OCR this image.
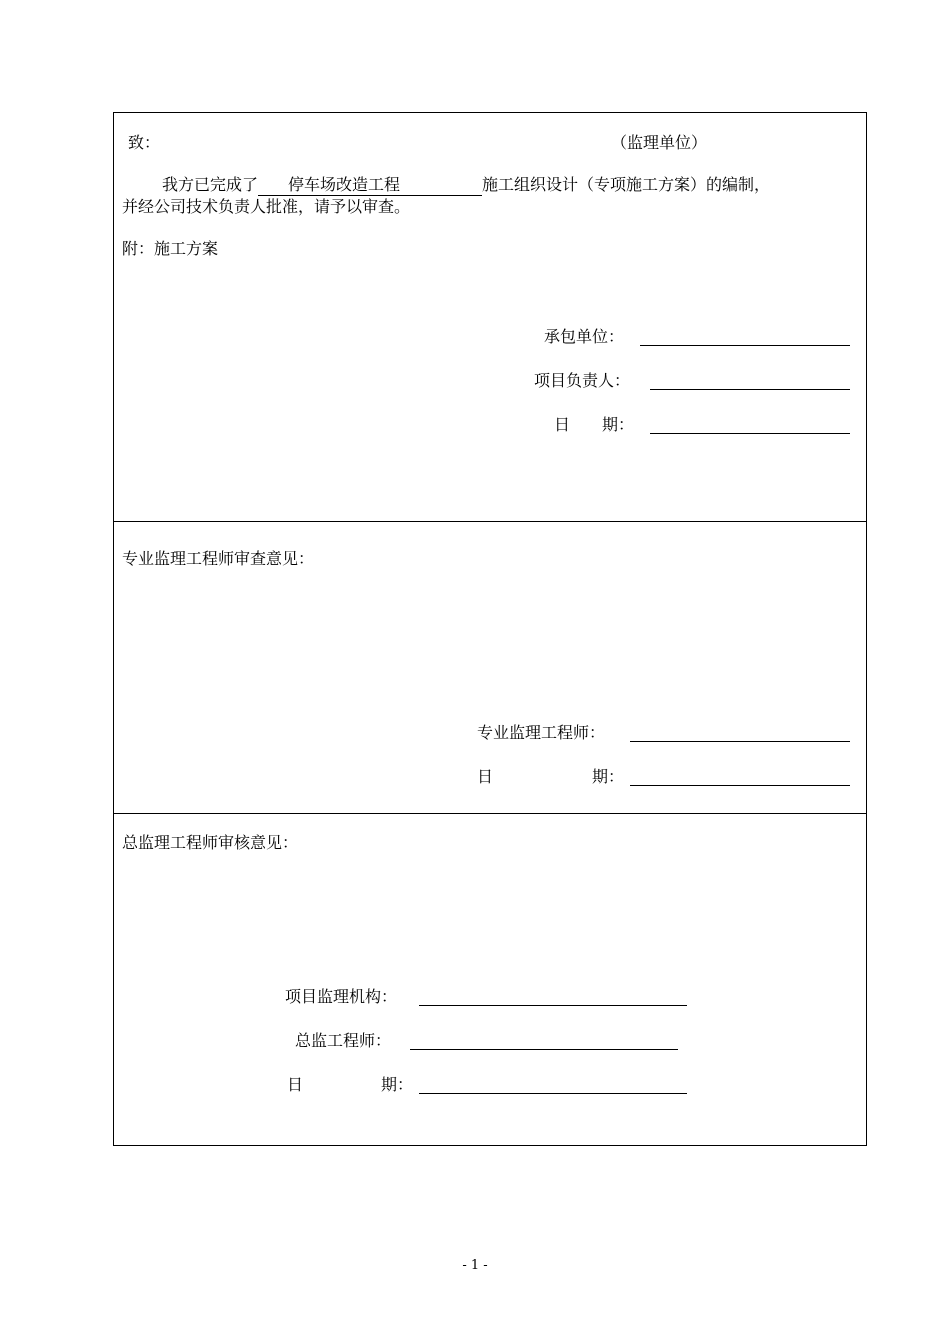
致：	（监理单位）
我方已完成了 停车场改造工程	施工组织设计（专项施工方案）的编制，
并经公司技术负责人批准，请予以审查。
附：施工方案
承包单位：
项目负责人：
日　　期：
专业监理工程师审查意见：
专业监理工程师：
日	期：
总监理工程师审核意见：
项目监理机构：
总监工程师：
日	期：
- 1 -
